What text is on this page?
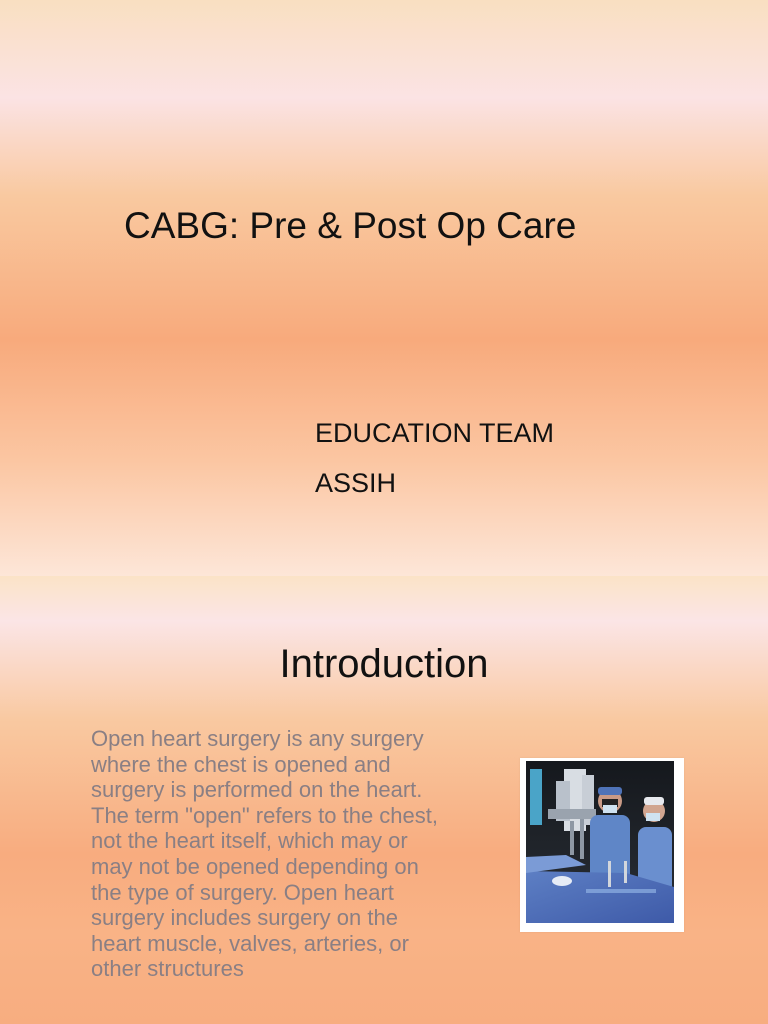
CABG: Pre & Post Op Care

EDUCATION TEAM

ASSIH

Introduction

Open heart surgery is any surgery where the chest is opened and surgery is performed on the heart. The term "open" refers to the chest, not the heart itself, which may or may not be opened depending on the type of surgery. Open heart surgery includes surgery on the heart muscle, valves, arteries, or other structures
